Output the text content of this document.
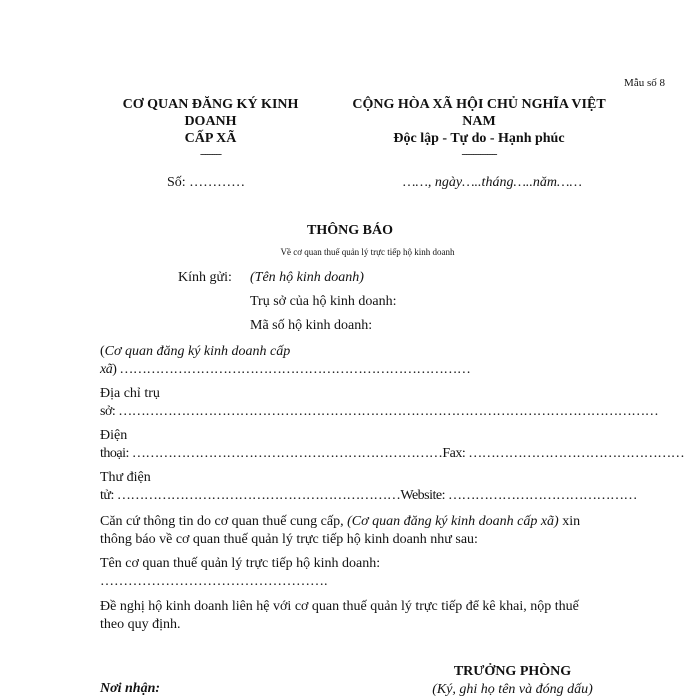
Mẫu số 8
CƠ QUAN ĐĂNG KÝ KINH
DOANH
CẤP XÃ
---------
CỘNG HÒA XÃ HỘI CHỦ NGHĨA VIỆT
NAM
Độc lập - Tự do - Hạnh phúc
---------------
Số: …………	……, ngày…..tháng…..năm……
THÔNG BÁO
Về cơ quan thuế quản lý trực tiếp hộ kinh doanh
Kính gửi: (Tên hộ kinh doanh)
Trụ sở của hộ kinh doanh:
Mã số hộ kinh doanh:
(Cơ quan đăng ký kinh doanh cấp
xã) ……………………………………………………………………
Địa chỉ trụ
sở: …………………………………………………………………………………………………………
Điện
thoại: ……………………………………………………………Fax: …………………………………………
Thư điện
tử: ………………………………………………………Website: ……………………………………
Căn cứ thông tin do cơ quan thuế cung cấp, (Cơ quan đăng ký kinh doanh cấp xã) xin
thông báo về cơ quan thuế quản lý trực tiếp hộ kinh doanh như sau:
Tên cơ quan thuế quản lý trực tiếp hộ kinh doanh:
………………………………………….
Đề nghị hộ kinh doanh liên hệ với cơ quan thuế quản lý trực tiếp để kê khai, nộp thuế
theo quy định.
TRƯỞNG PHÒNG
(Ký, ghi họ tên và đóng dấu)
Nơi nhận:
